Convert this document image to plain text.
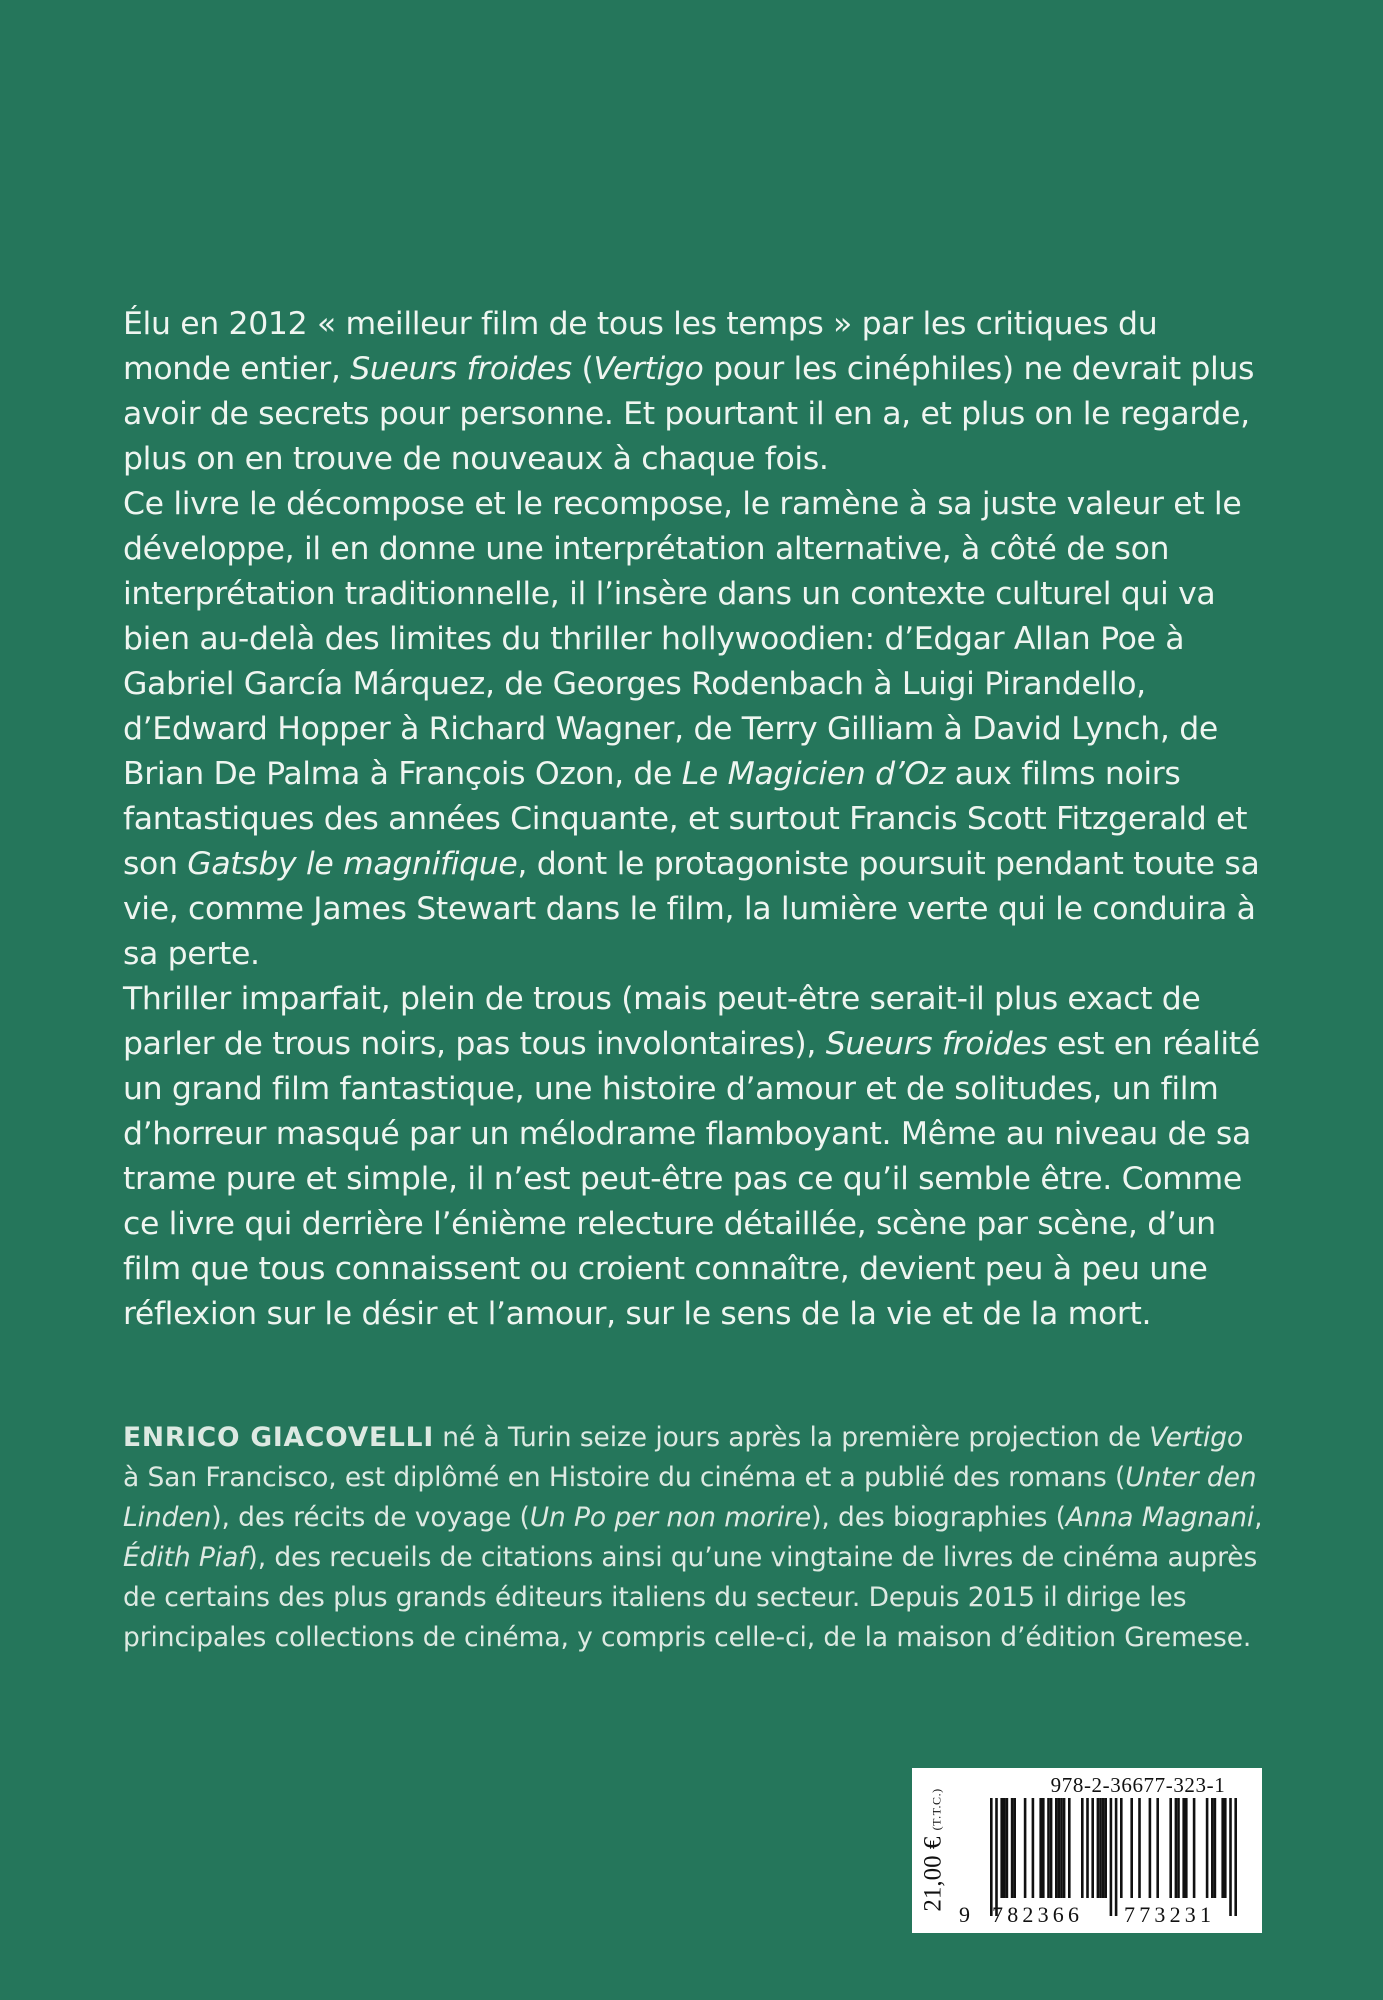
Élu en 2012 « meilleur film de tous les temps » par les critiques du monde entier, Sueurs froides (Vertigo pour les cinéphiles) ne devrait plus avoir de secrets pour personne. Et pourtant il en a, et plus on le regarde, plus on en trouve de nouveaux à chaque fois.

Ce livre le décompose et le recompose, le ramène à sa juste valeur et le développe, il en donne une interprétation alternative, à côté de son interprétation traditionnelle, il l’insère dans un contexte culturel qui va bien au-delà des limites du thriller hollywoodien: d’Edgar Allan Poe à Gabriel García Márquez, de Georges Rodenbach à Luigi Pirandello, d’Edward Hopper à Richard Wagner, de Terry Gilliam à David Lynch, de Brian De Palma à François Ozon, de Le Magicien d’Oz aux films noirs fantastiques des années Cinquante, et surtout Francis Scott Fitzgerald et son Gatsby le magnifique, dont le protagoniste poursuit pendant toute sa vie, comme James Stewart dans le film, la lumière verte qui le conduira à sa perte.

Thriller imparfait, plein de trous (mais peut-être serait-il plus exact de parler de trous noirs, pas tous involontaires), Sueurs froides est en réalité un grand film fantastique, une histoire d’amour et de solitudes, un film d’horreur masqué par un mélodrame flamboyant. Même au niveau de sa trame pure et simple, il n’est peut-être pas ce qu’il semble être. Comme ce livre qui derrière l’énième relecture détaillée, scène par scène, d’un film que tous connaissent ou croient connaître, devient peu à peu une réflexion sur le désir et l’amour, sur le sens de la vie et de la mort.

ENRICO GIACOVELLI né à Turin seize jours après la première projection de Vertigo à San Francisco, est diplômé en Histoire du cinéma et a publié des romans (Unter den Linden), des récits de voyage (Un Po per non morire), des biographies (Anna Magnani, Édith Piaf), des recueils de citations ainsi qu’une vingtaine de livres de cinéma auprès de certains des plus grands éditeurs italiens du secteur. Depuis 2015 il dirige les principales collections de cinéma, y compris celle-ci, de la maison d’édition Gremese.

21,00 € (T.T.C.)
978-2-36677-323-1
9 782366	773231
